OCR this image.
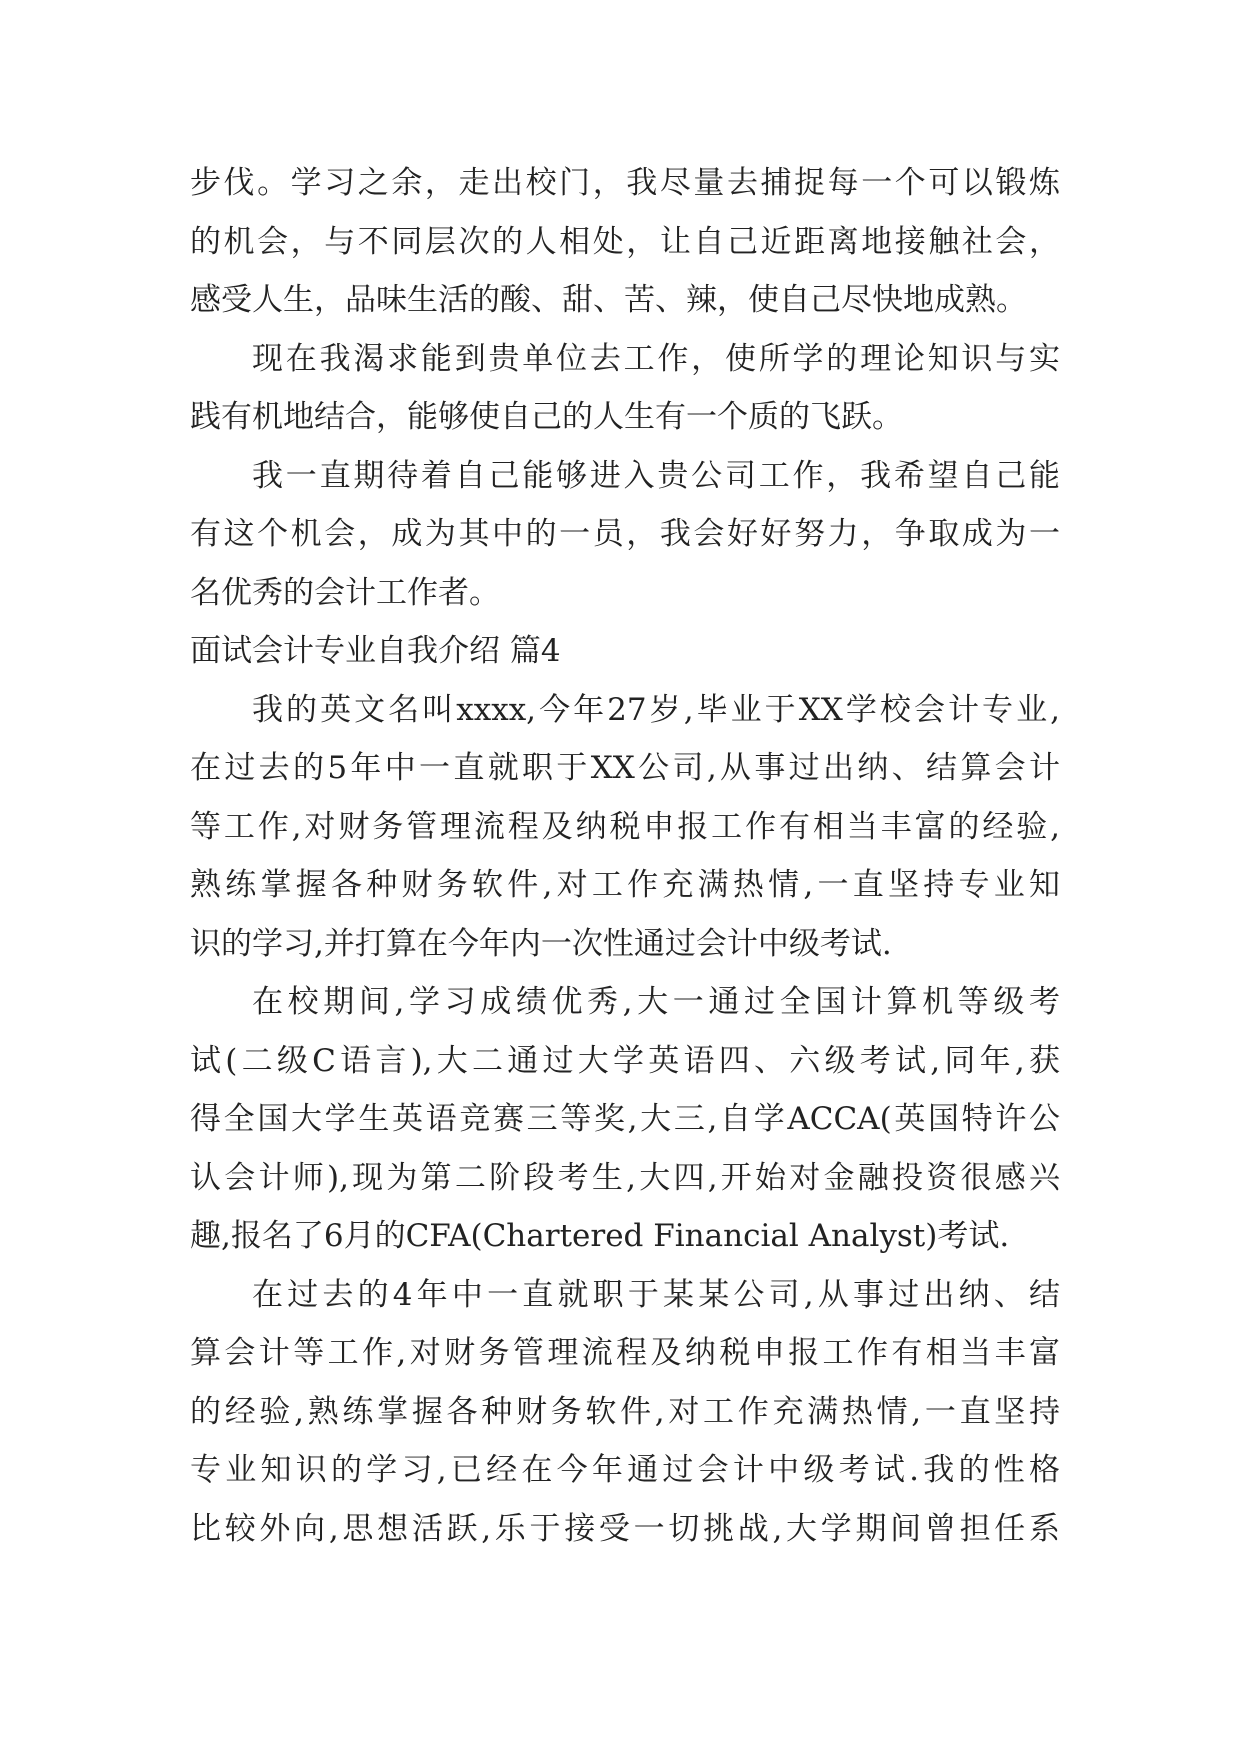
步伐。学习之余，走出校门，我尽量去捕捉每一个可以锻炼
的机会，与不同层次的人相处，让自己近距离地接触社会，
感受人生，品味生活的酸、甜、苦、辣，使自己尽快地成熟。
现在我渴求能到贵单位去工作，使所学的理论知识与实
践有机地结合，能够使自己的人生有一个质的飞跃。
我一直期待着自己能够进入贵公司工作，我希望自己能
有这个机会，成为其中的一员，我会好好努力，争取成为一
名优秀的会计工作者。
面试会计专业自我介绍 篇4
我的英文名叫xxxx,今年27岁,毕业于XX学校会计专业,
在过去的5年中一直就职于XX公司,从事过出纳、结算会计
等工作,对财务管理流程及纳税申报工作有相当丰富的经验,
熟练掌握各种财务软件,对工作充满热情,一直坚持专业知
识的学习,并打算在今年内一次性通过会计中级考试.
在校期间,学习成绩优秀,大一通过全国计算机等级考
试(二级C语言),大二通过大学英语四、六级考试,同年,获
得全国大学生英语竞赛三等奖,大三,自学ACCA(英国特许公
认会计师),现为第二阶段考生,大四,开始对金融投资很感兴
趣,报名了6月的CFA(Chartered Financial Analyst)考试.
在过去的4年中一直就职于某某公司,从事过出纳、结
算会计等工作,对财务管理流程及纳税申报工作有相当丰富
的经验,熟练掌握各种财务软件,对工作充满热情,一直坚持
专业知识的学习,已经在今年通过会计中级考试.我的性格
比较外向,思想活跃,乐于接受一切挑战,大学期间曾担任系
